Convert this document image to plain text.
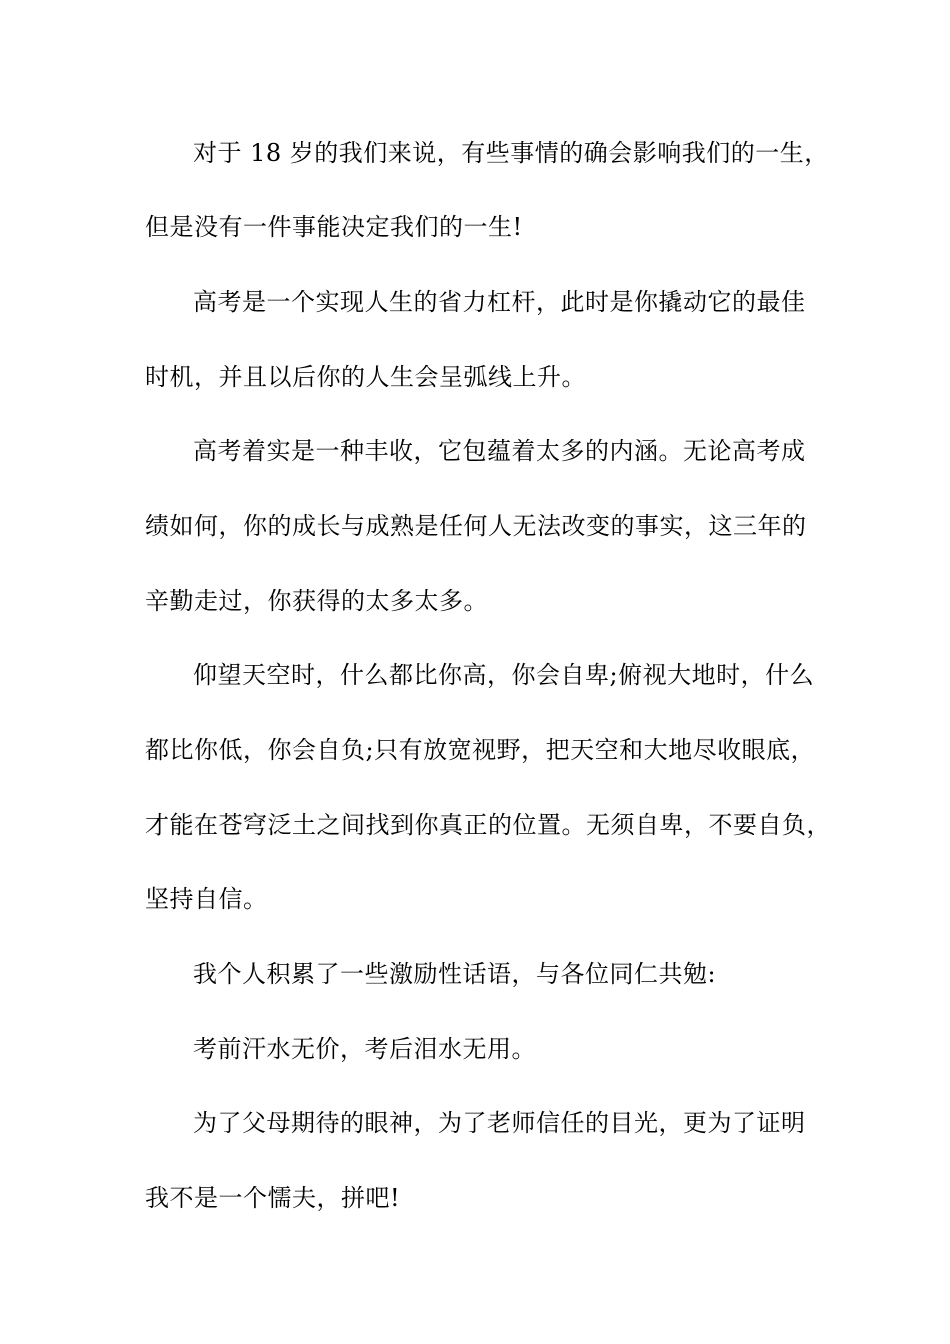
对于 18 岁的我们来说，有些事情的确会影响我们的一生，
但是没有一件事能决定我们的一生!
高考是一个实现人生的省力杠杆，此时是你撬动它的最佳
时机，并且以后你的人生会呈弧线上升。
高考着实是一种丰收，它包蕴着太多的内涵。无论高考成
绩如何，你的成长与成熟是任何人无法改变的事实，这三年的
辛勤走过，你获得的太多太多。
仰望天空时，什么都比你高，你会自卑;俯视大地时，什么
都比你低，你会自负;只有放宽视野，把天空和大地尽收眼底，
才能在苍穹泛土之间找到你真正的位置。无须自卑，不要自负，
坚持自信。
我个人积累了一些激励性话语，与各位同仁共勉:
考前汗水无价，考后泪水无用。
为了父母期待的眼神，为了老师信任的目光，更为了证明
我不是一个懦夫，拼吧!
